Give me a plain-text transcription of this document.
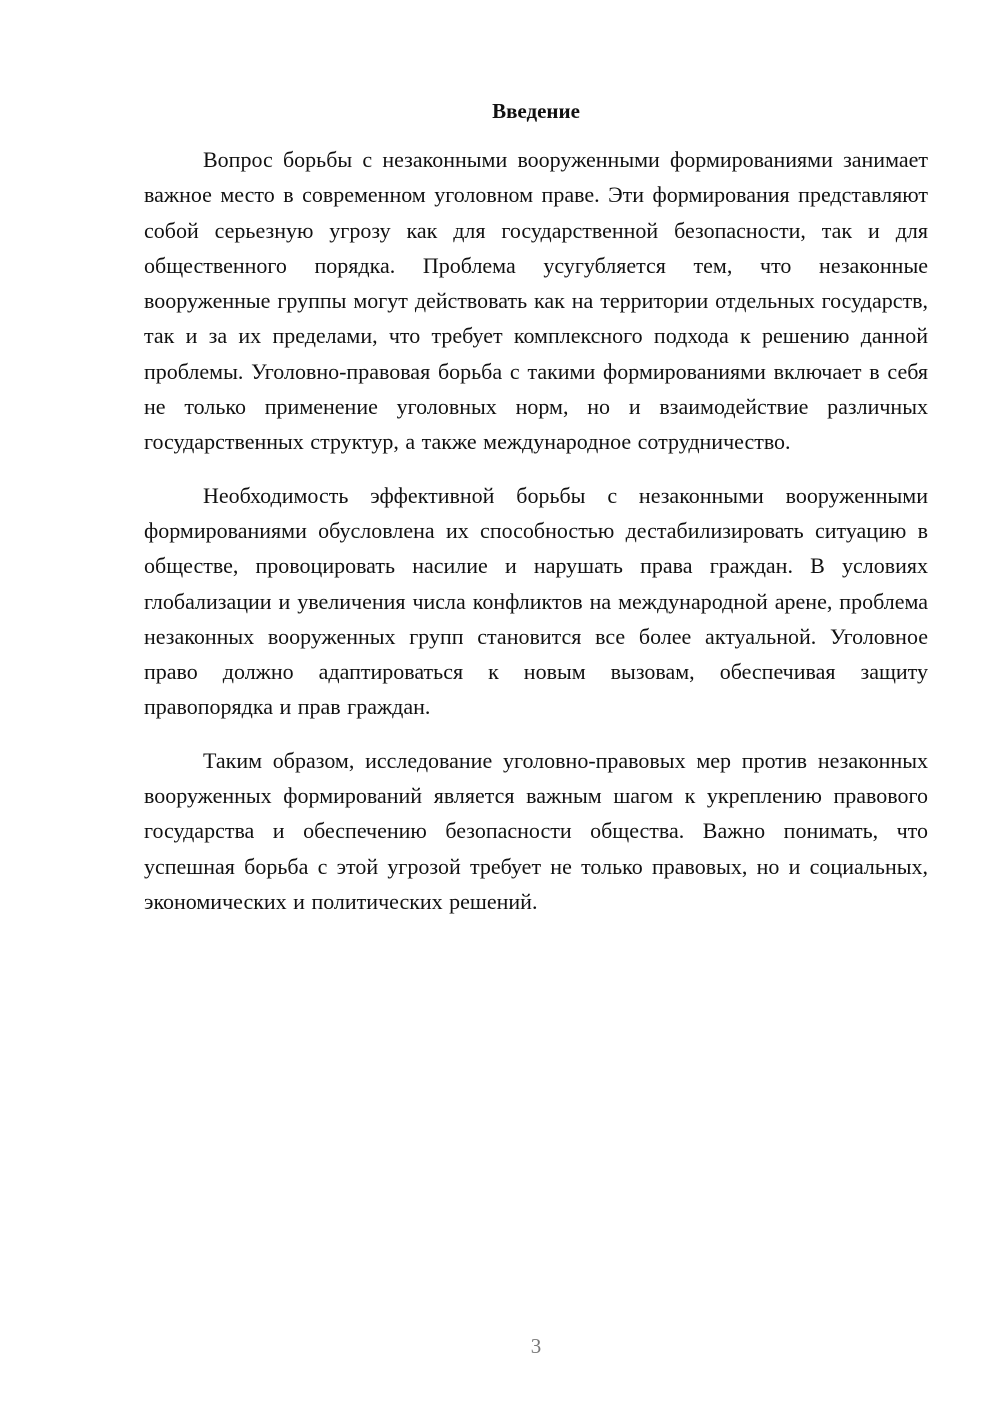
Введение

Вопрос борьбы с незаконными вооруженными формированиями занимает важное место в современном уголовном праве. Эти формирования представляют собой серьезную угрозу как для государственной безопасности, так и для общественного порядка. Проблема усугубляется тем, что незаконные вооруженные группы могут действовать как на территории отдельных государств, так и за их пределами, что требует комплексного подхода к решению данной проблемы. Уголовно-правовая борьба с такими формированиями включает в себя не только применение уголовных норм, но и взаимодействие различных государственных структур, а также международное сотрудничество.

Необходимость эффективной борьбы с незаконными вооруженными формированиями обусловлена их способностью дестабилизировать ситуацию в обществе, провоцировать насилие и нарушать права граждан. В условиях глобализации и увеличения числа конфликтов на международной арене, проблема незаконных вооруженных групп становится все более актуальной. Уголовное право должно адаптироваться к новым вызовам, обеспечивая защиту правопорядка и прав граждан.

Таким образом, исследование уголовно-правовых мер против незаконных вооруженных формирований является важным шагом к укреплению правового государства и обеспечению безопасности общества. Важно понимать, что успешная борьба с этой угрозой требует не только правовых, но и социальных, экономических и политических решений.

3
